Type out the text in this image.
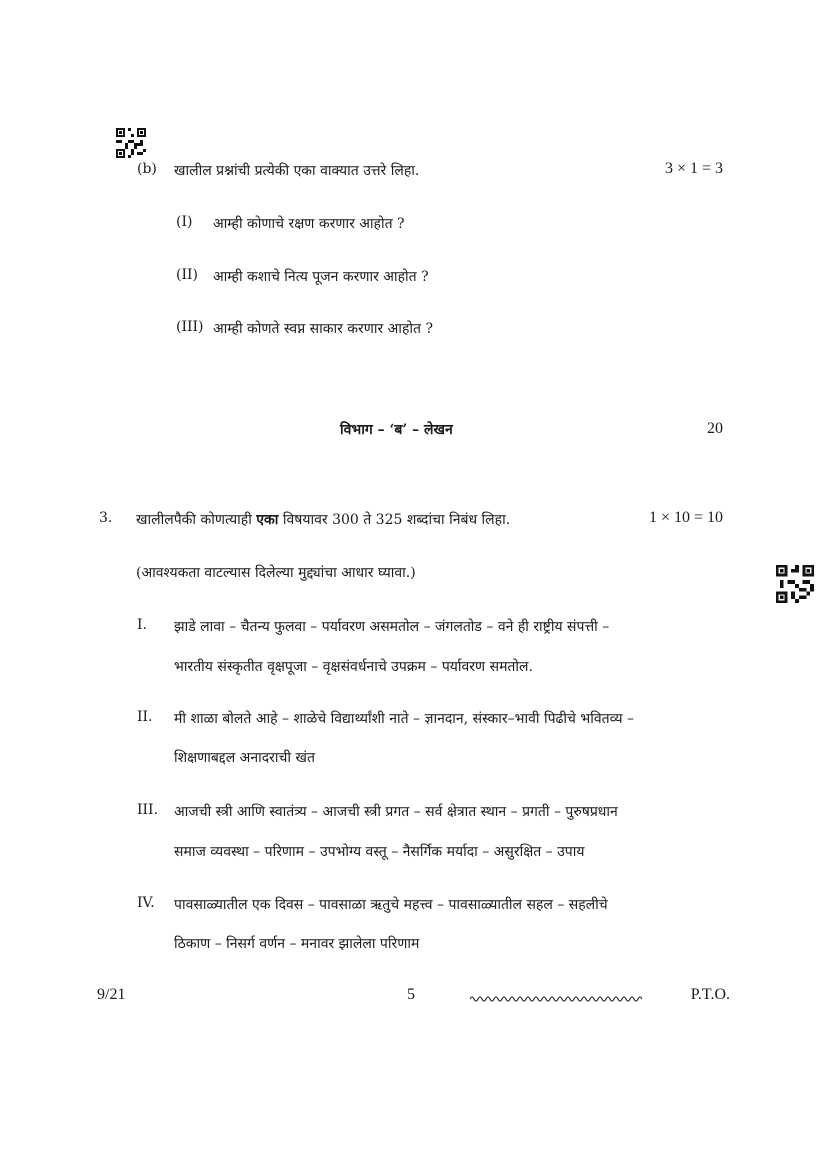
(b) खालील प्रश्नांची प्रत्येकी एका वाक्यात उत्तरे लिहा.	3 × 1 = 3
(I) आम्ही कोणाचे रक्षण करणार आहोत ?
(II) आम्ही कशाचे नित्य पूजन करणार आहोत ?
(III) आम्ही कोणते स्वप्न साकार करणार आहोत ?
विभाग – ‘ब’ – लेखन	20
3. खालीलपैकी कोणत्याही एका विषयावर 300 ते 325 शब्दांचा निबंध लिहा.	1 × 10 = 10
(आवश्यकता वाटल्यास दिलेल्या मुद्द्यांचा आधार घ्यावा.)
I. झाडे लावा – चैतन्य फुलवा – पर्यावरण असमतोल – जंगलतोड – वने ही राष्ट्रीय संपत्ती –
भारतीय संस्कृतीत वृक्षपूजा – वृक्षसंवर्धनाचे उपक्रम – पर्यावरण समतोल.
II. मी शाळा बोलते आहे – शाळेचे विद्यार्थ्यांशी नाते – ज्ञानदान, संस्कार–भावी पिढीचे भवितव्य –
शिक्षणाबद्दल अनादराची खंत
III. आजची स्त्री आणि स्वातंत्र्य – आजची स्त्री प्रगत – सर्व क्षेत्रात स्थान – प्रगती – पुरुषप्रधान
समाज व्यवस्था – परिणाम – उपभोग्य वस्तू – नैसर्गिक मर्यादा – असुरक्षित – उपाय
IV. पावसाळ्यातील एक दिवस – पावसाळा ऋतुचे महत्त्व – पावसाळ्यातील सहल – सहलीचे
ठिकाण – निसर्ग वर्णन – मनावर झालेला परिणाम
9/21	5	P.T.O.
